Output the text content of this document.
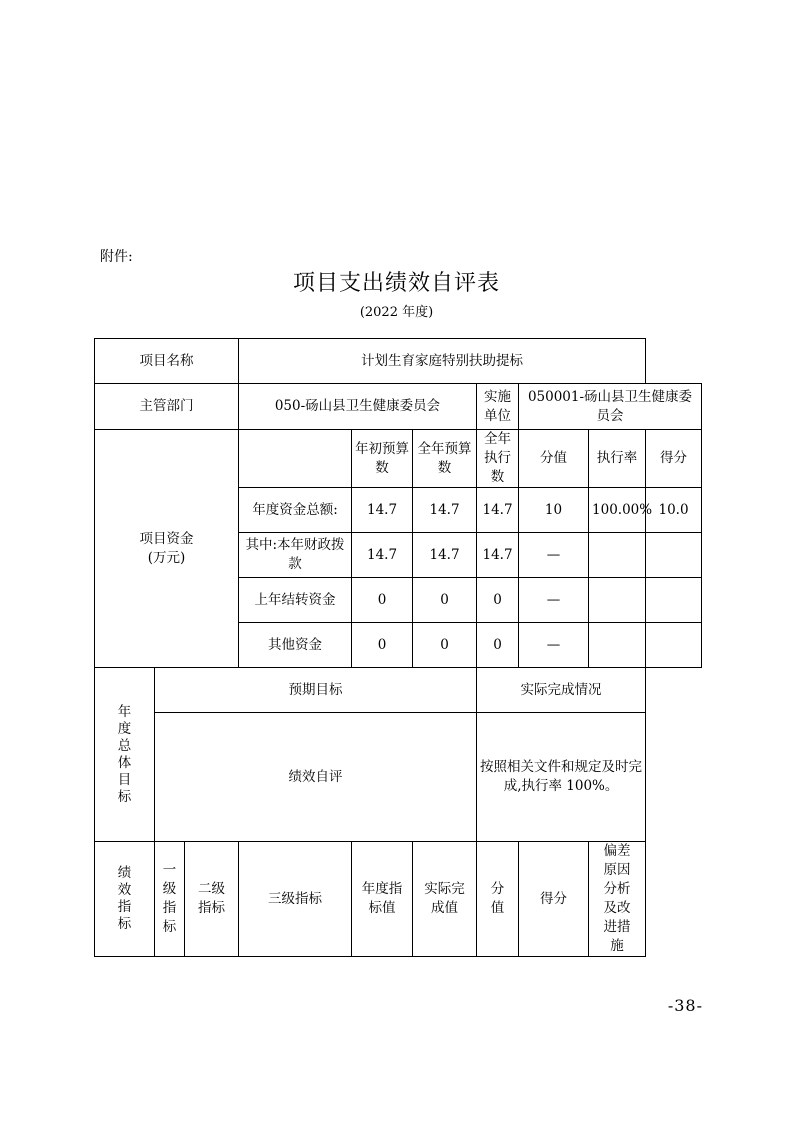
附件:
项目支出绩效自评表
(2022 年度)
项目名称			计划生育家庭特别扶助提标						
主管部门			050-砀山县卫生健康委员会			实施单位	050001-砀山县卫生健康委员会		
项目资金
(万元)				年初预算数	全年预算数	全年执行数	分值	执行率	得分
			年度资金总额:	14.7	14.7	14.7	10	100.00%	10.0
			其中:本年财政拨款	14.7	14.7	14.7	—		
			上年结转资金	0	0	0	—		
			其他资金	0	0	0	—		

年度总体目标	预期目标					实际完成情况			
	绩效自评					按照相关文件和规定及时完成,执行率 100%。			

绩效指标	一级指标	二级指标	三级指标	年度指标值	实际完成值	分值	得分	偏差原因分析及改进措施	
-38-
